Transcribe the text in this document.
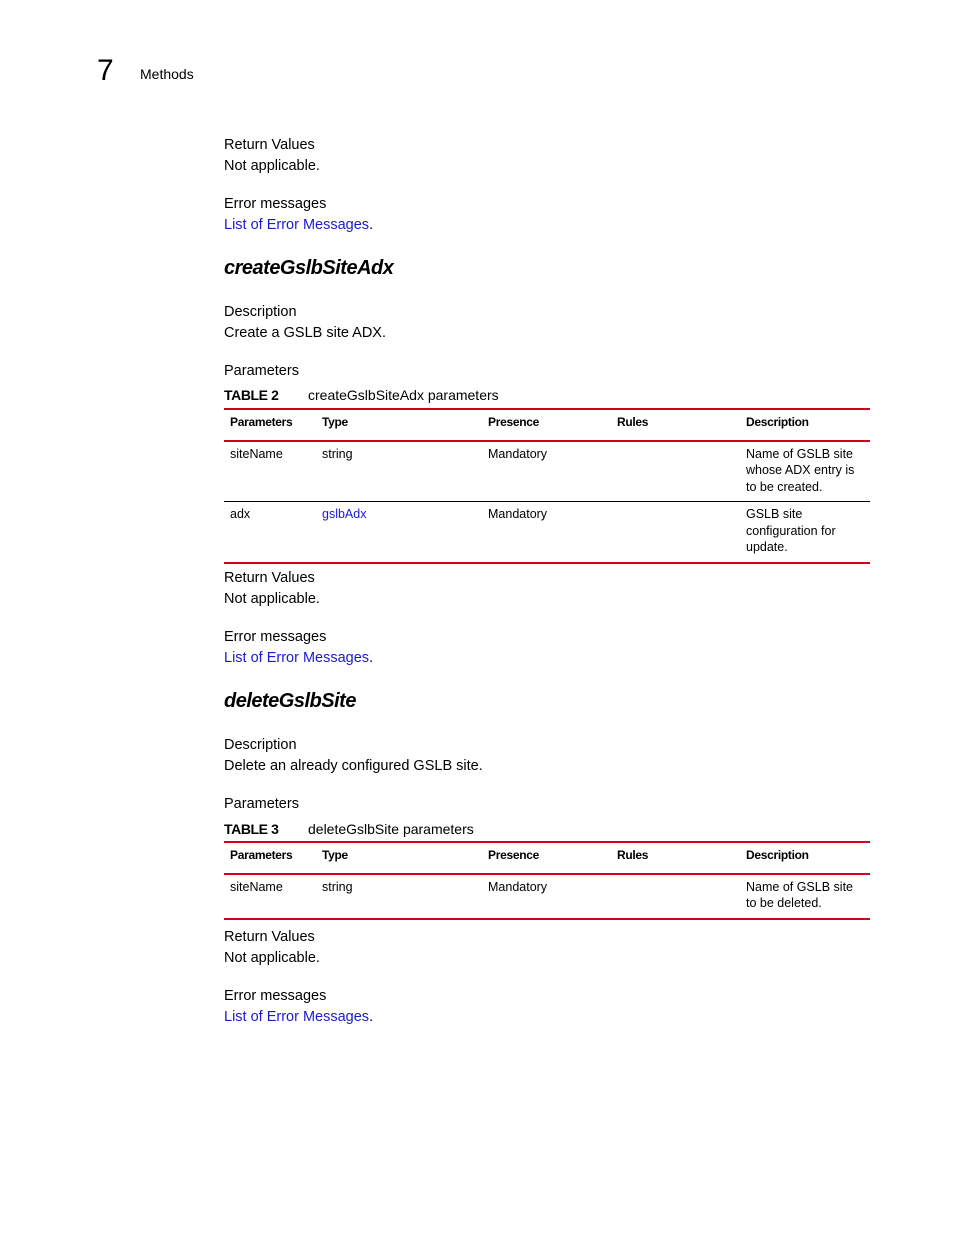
7 Methods
Return Values
Not applicable.
Error messages
List of Error Messages.
createGslbSiteAdx
Description
Create a GSLB site ADX.
Parameters
TABLE 2 createGslbSiteAdx parameters
Parameters	Type	Presence	Rules	Description
siteName	string	Mandatory		Name of GSLB site whose ADX entry is to be created.
adx	gslbAdx	Mandatory		GSLB site configuration for update.
Return Values
Not applicable.
Error messages
List of Error Messages.
deleteGslbSite
Description
Delete an already configured GSLB site.
Parameters
TABLE 3 deleteGslbSite parameters
Parameters	Type	Presence	Rules	Description
siteName	string	Mandatory		Name of GSLB site to be deleted.
Return Values
Not applicable.
Error messages
List of Error Messages.
